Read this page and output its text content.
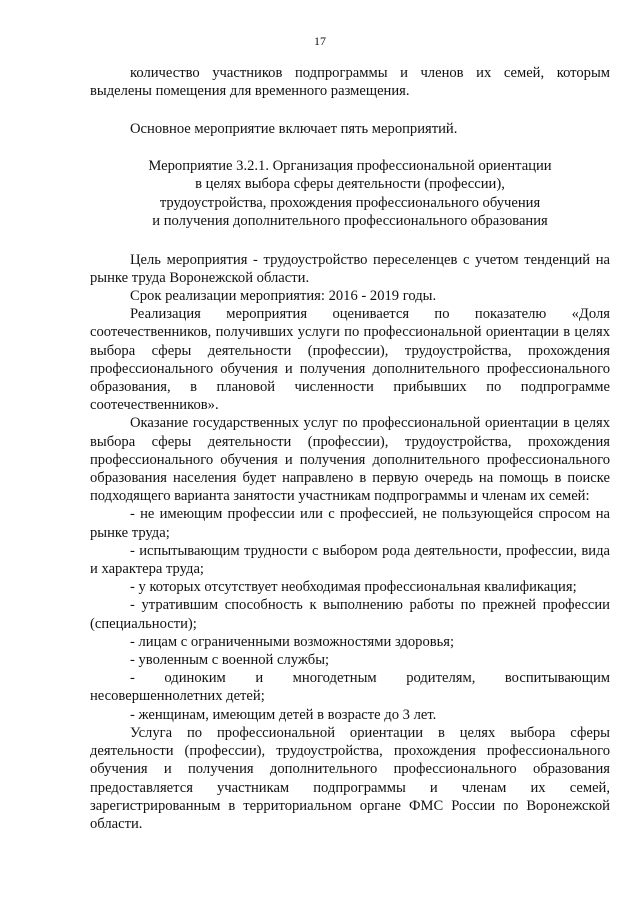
17

количество участников подпрограммы и членов их семей, которым выделены помещения для временного размещения.

Основное мероприятие включает пять мероприятий.

Мероприятие 3.2.1. Организация профессиональной ориентации
в целях выбора сферы деятельности (профессии),
трудоустройства, прохождения профессионального обучения
и получения дополнительного профессионального образования

Цель мероприятия - трудоустройство переселенцев с учетом тенденций на рынке труда Воронежской области.

Срок реализации мероприятия: 2016 - 2019 годы.

Реализация мероприятия оценивается по показателю «Доля соотечественников, получивших услуги по профессиональной ориентации в целях выбора сферы деятельности (профессии), трудоустройства, прохождения профессионального обучения и получения дополнительного профессионального образования, в плановой численности прибывших по подпрограмме соотечественников».

Оказание государственных услуг по профессиональной ориентации в целях выбора сферы деятельности (профессии), трудоустройства, прохождения профессионального обучения и получения дополнительного профессионального образования населения будет направлено в первую очередь на помощь в поиске подходящего варианта занятости участникам подпрограммы и членам их семей:

- не имеющим профессии или с профессией, не пользующейся спросом на рынке труда;

- испытывающим трудности с выбором рода деятельности, профессии, вида и характера труда;

- у которых отсутствует необходимая профессиональная квалификация;

- утратившим способность к выполнению работы по прежней профессии (специальности);

- лицам с ограниченными возможностями здоровья;

- уволенным с военной службы;

- одиноким и многодетным родителям, воспитывающим несовершеннолетних детей;

- женщинам, имеющим детей в возрасте до 3 лет.

Услуга по профессиональной ориентации в целях выбора сферы деятельности (профессии), трудоустройства, прохождения профессионального обучения и получения дополнительного профессионального образования предоставляется участникам подпрограммы и членам их семей, зарегистрированным в территориальном органе ФМС России по Воронежской области.
